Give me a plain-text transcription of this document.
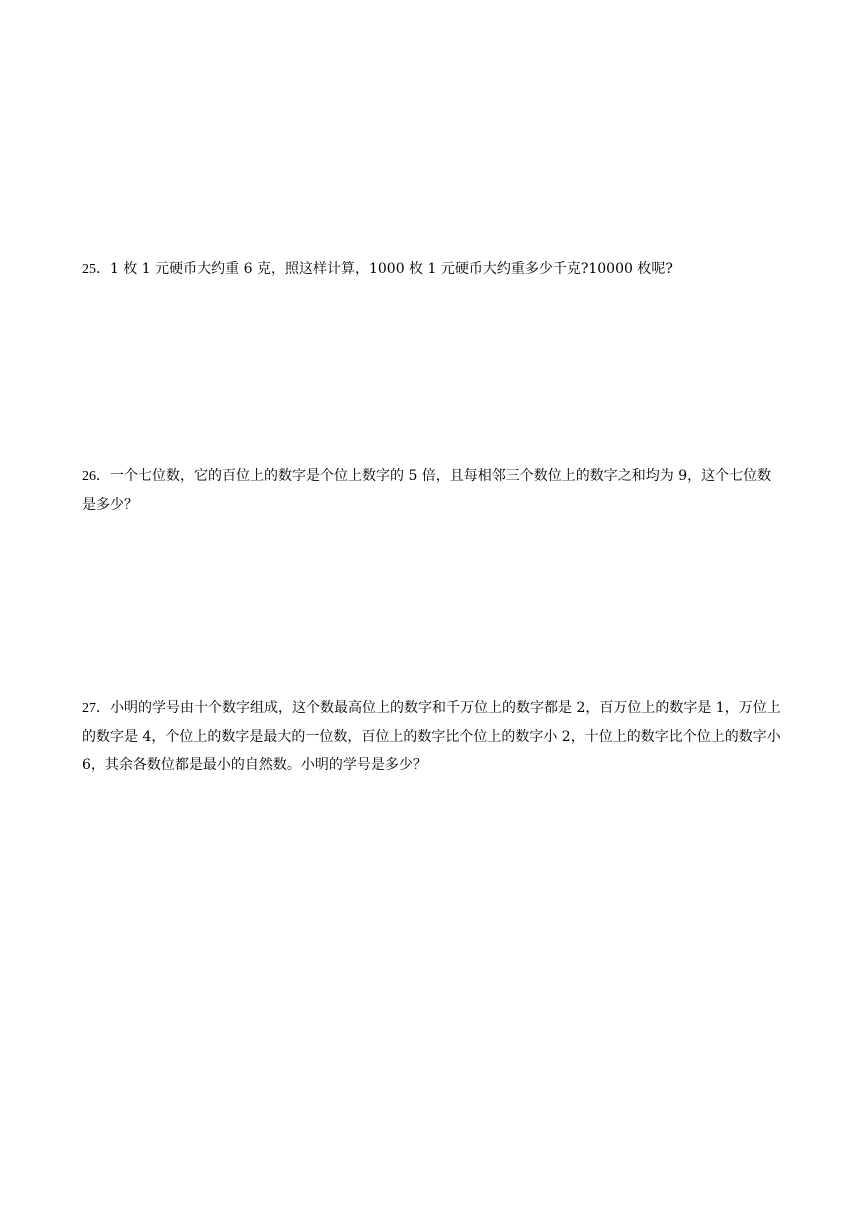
25．1 枚 1 元硬币大约重 6 克，照这样计算，1000 枚 1 元硬币大约重多少千克?10000 枚呢?

26．一个七位数，它的百位上的数字是个位上数字的 5 倍，且每相邻三个数位上的数字之和均为 9，这个七位数是多少？

27．小明的学号由十个数字组成，这个数最高位上的数字和千万位上的数字都是 2，百万位上的数字是 1，万位上的数字是 4，个位上的数字是最大的一位数，百位上的数字比个位上的数字小 2，十位上的数字比个位上的数字小 6，其余各数位都是最小的自然数。小明的学号是多少？
